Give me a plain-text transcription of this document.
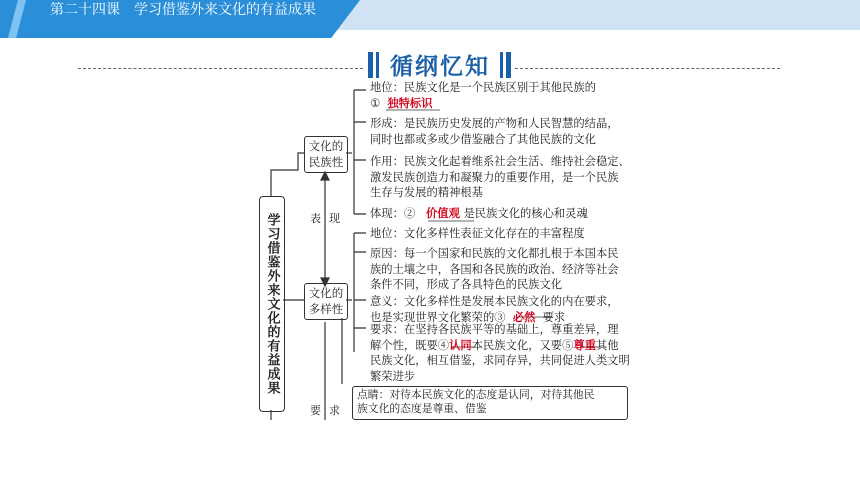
第二十四课　学习借鉴外来文化的有益成果
循纲忆知
学习借鉴外来文化的有益成果
文化的民族性
文化的多样性
表现
要求
地位：民族文化是一个民族区别于其他民族的
① 独特标识
形成：是民族历史发展的产物和人民智慧的结晶，
同时也都或多或少借鉴融合了其他民族的文化
作用：民族文化起着维系社会生活、维持社会稳定、
激发民族创造力和凝聚力的重要作用，是一个民族
生存与发展的精神根基
体现：② 价值观 是民族文化的核心和灵魂
地位：文化多样性表征文化存在的丰富程度
原因：每一个国家和民族的文化都扎根于本国本民
族的土壤之中，各国和各民族的政治、经济等社会
条件不同，形成了各具特色的民族文化
意义：文化多样性是发展本民族文化的内在要求，
也是实现世界文化繁荣的③ 必然 要求
要求：在坚持各民族平等的基础上，尊重差异，理
解个性，既要④认同本民族文化，又要⑤尊重其他
民族文化，相互借鉴，求同存异，共同促进人类文明
繁荣进步
点睛：对待本民族文化的态度是认同，对待其他民
族文化的态度是尊重、借鉴
